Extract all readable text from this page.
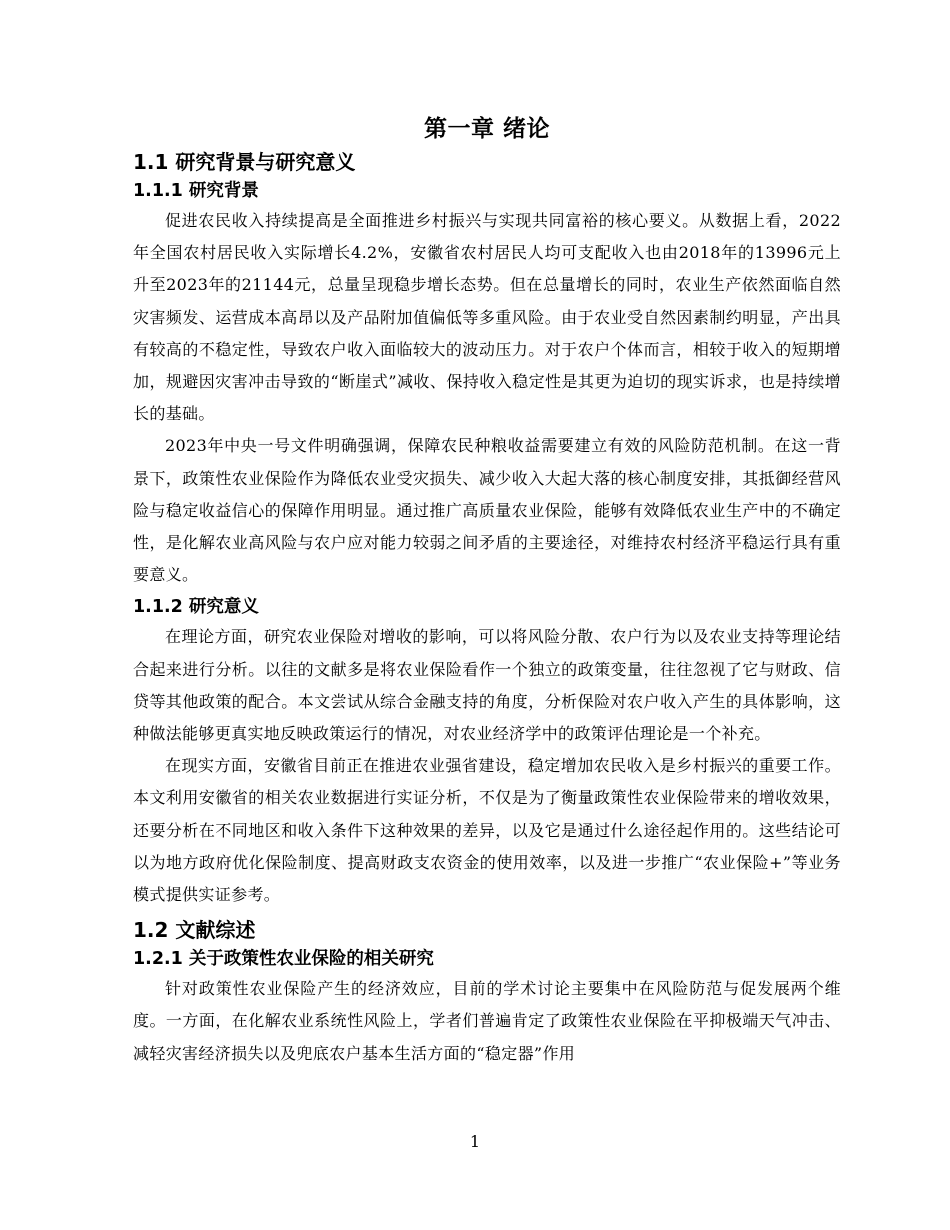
第一章 绪论
1.1 研究背景与研究意义
1.1.1 研究背景

促进农民收入持续提高是全面推进乡村振兴与实现共同富裕的核心要义。从数据上看，2022年全国农村居民收入实际增长4.2%，安徽省农村居民人均可支配收入也由2018年的13996元上升至2023年的21144元，总量呈现稳步增长态势。但在总量增长的同时，农业生产依然面临自然灾害频发、运营成本高昂以及产品附加值偏低等多重风险。由于农业受自然因素制约明显，产出具有较高的不稳定性，导致农户收入面临较大的波动压力。对于农户个体而言，相较于收入的短期增加，规避因灾害冲击导致的“断崖式”减收、保持收入稳定性是其更为迫切的现实诉求，也是持续增长的基础。

2023年中央一号文件明确强调，保障农民种粮收益需要建立有效的风险防范机制。在这一背景下，政策性农业保险作为降低农业受灾损失、减少收入大起大落的核心制度安排，其抵御经营风险与稳定收益信心的保障作用明显。通过推广高质量农业保险，能够有效降低农业生产中的不确定性，是化解农业高风险与农户应对能力较弱之间矛盾的主要途径，对维持农村经济平稳运行具有重要意义。

1.1.2 研究意义

在理论方面，研究农业保险对增收的影响，可以将风险分散、农户行为以及农业支持等理论结合起来进行分析。以往的文献多是将农业保险看作一个独立的政策变量，往往忽视了它与财政、信贷等其他政策的配合。本文尝试从综合金融支持的角度，分析保险对农户收入产生的具体影响，这种做法能够更真实地反映政策运行的情况，对农业经济学中的政策评估理论是一个补充。

在现实方面，安徽省目前正在推进农业强省建设，稳定增加农民收入是乡村振兴的重要工作。本文利用安徽省的相关农业数据进行实证分析，不仅是为了衡量政策性农业保险带来的增收效果，还要分析在不同地区和收入条件下这种效果的差异，以及它是通过什么途径起作用的。这些结论可以为地方政府优化保险制度、提高财政支农资金的使用效率，以及进一步推广“农业保险+”等业务模式提供实证参考。

1.2 文献综述
1.2.1 关于政策性农业保险的相关研究

针对政策性农业保险产生的经济效应，目前的学术讨论主要集中在风险防范与促发展两个维度。一方面，在化解农业系统性风险上，学者们普遍肯定了政策性农业保险在平抑极端天气冲击、减轻灾害经济损失以及兜底农户基本生活方面的“稳定器”作用

1
